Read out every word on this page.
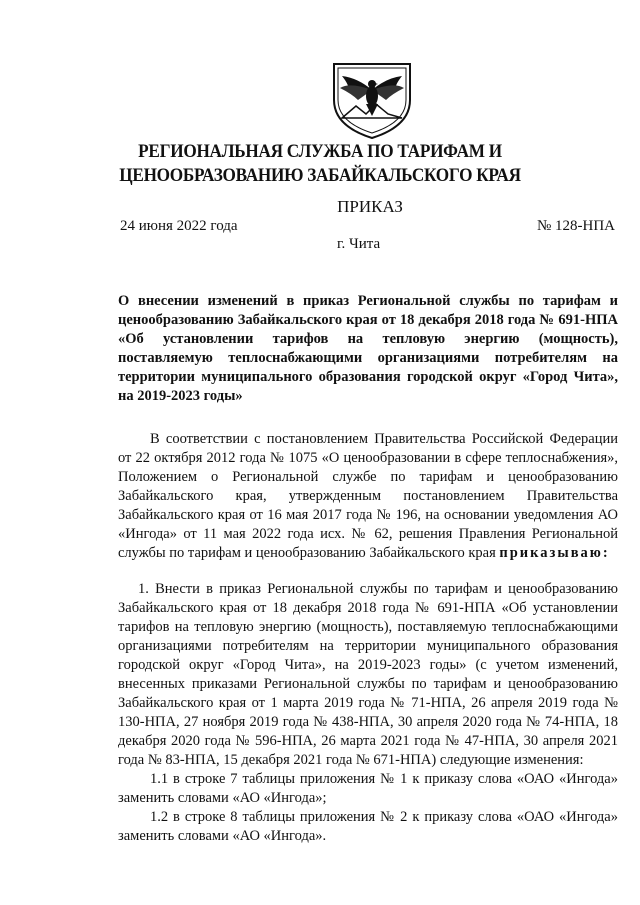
РЕГИОНАЛЬНАЯ СЛУЖБА ПО ТАРИФАМ И
ЦЕНООБРАЗОВАНИЮ ЗАБАЙКАЛЬСКОГО КРАЯ
ПРИКАЗ
24 июня 2022 года	№ 128-НПА
г. Чита
О внесении изменений в приказ Региональной службы по тарифам и ценообразованию Забайкальского края от 18 декабря 2018 года № 691-НПА «Об установлении тарифов на тепловую энергию (мощность), поставляемую теплоснабжающими организациями потребителям на территории муниципального образования городской округ «Город Чита», на 2019-2023 годы»
В соответствии с постановлением Правительства Российской Федерации от 22 октября 2012 года № 1075 «О ценообразовании в сфере теплоснабжения», Положением о Региональной службе по тарифам и ценообразованию Забайкальского края, утвержденным постановлением Правительства Забайкальского края от 16 мая 2017 года № 196, на основании уведомления АО «Ингода» от 11 мая 2022 года исх. № 62, решения Правления Региональной службы по тарифам и ценообразованию Забайкальского края приказываю:
1. Внести в приказ Региональной службы по тарифам и ценообразованию Забайкальского края от 18 декабря 2018 года № 691-НПА «Об установлении тарифов на тепловую энергию (мощность), поставляемую теплоснабжающими организациями потребителям на территории муниципального образования городской округ «Город Чита», на 2019-2023 годы» (с учетом изменений, внесенных приказами Региональной службы по тарифам и ценообразованию Забайкальского края от 1 марта 2019 года № 71-НПА, 26 апреля 2019 года № 130-НПА, 27 ноября 2019 года № 438-НПА, 30 апреля 2020 года № 74-НПА, 18 декабря 2020 года № 596-НПА, 26 марта 2021 года № 47-НПА, 30 апреля 2021 года № 83-НПА, 15 декабря 2021 года № 671-НПА) следующие изменения:
1.1 в строке 7 таблицы приложения № 1 к приказу слова «ОАО «Ингода» заменить словами «АО «Ингода»;
1.2 в строке 8 таблицы приложения № 2 к приказу слова «ОАО «Ингода» заменить словами «АО «Ингода».
